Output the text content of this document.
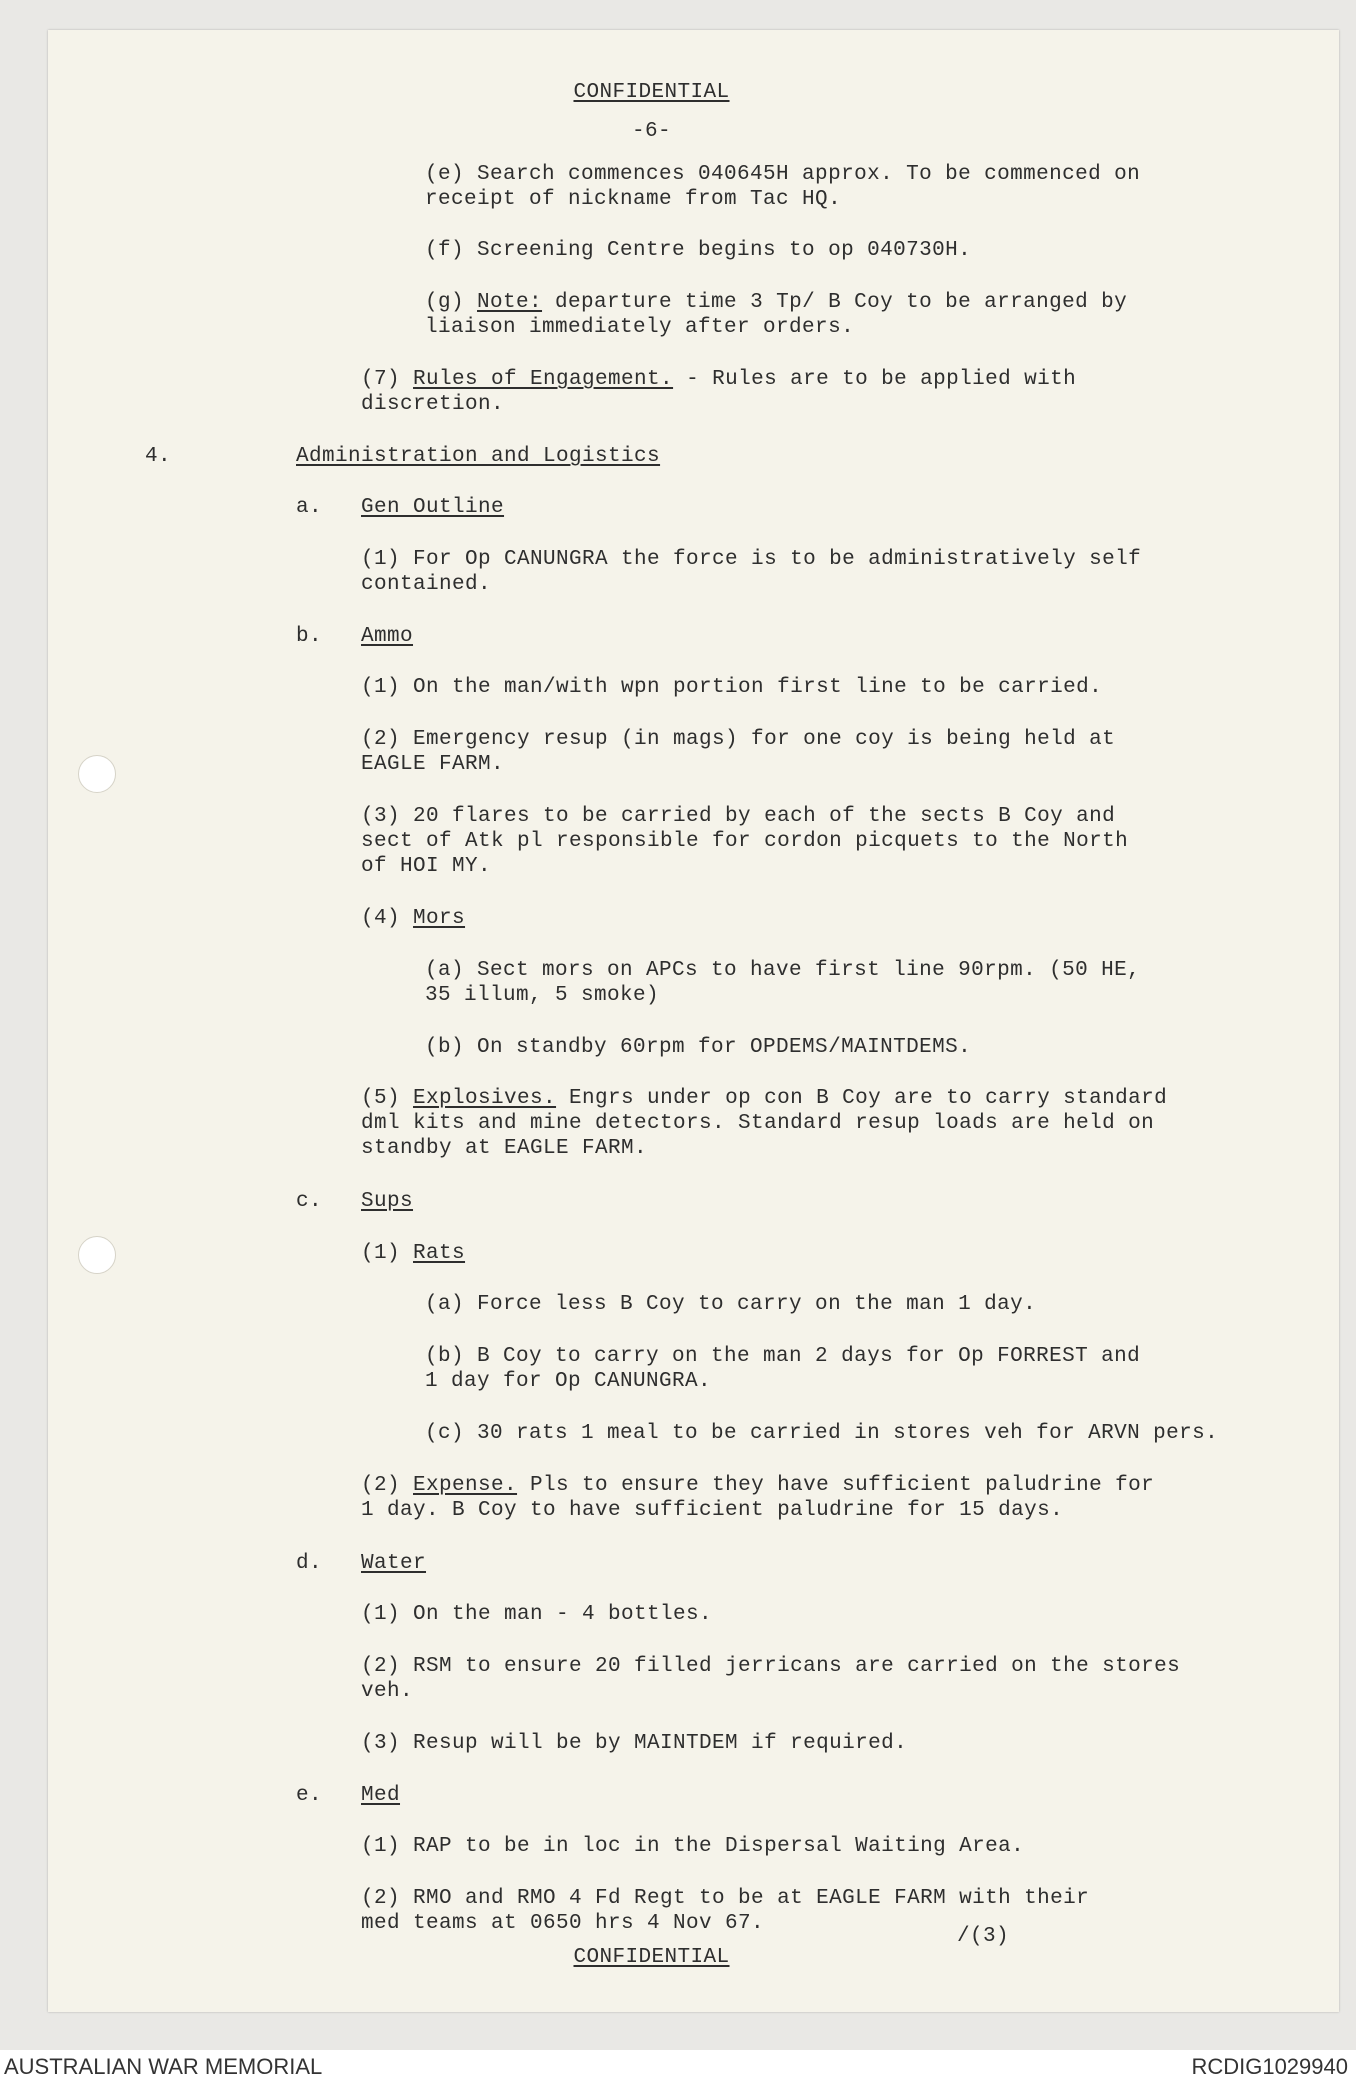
CONFIDENTIAL
-6-
(e) Search commences 040645H approx. To be commenced on
receipt of nickname from Tac HQ.
(f) Screening Centre begins to op 040730H.
(g) Note: departure time 3 Tp/ B Coy to be arranged by
liaison immediately after orders.
(7) Rules of Engagement. - Rules are to be applied with
discretion.
4.	Administration and Logistics
a. Gen Outline
(1) For Op CANUNGRA the force is to be administratively self
contained.
b. Ammo
(1) On the man/with wpn portion first line to be carried.
(2) Emergency resup (in mags) for one coy is being held at
EAGLE FARM.
(3) 20 flares to be carried by each of the sects B Coy and
sect of Atk pl responsible for cordon picquets to the North
of HOI MY.
(4) Mors
(a) Sect mors on APCs to have first line 90rpm. (50 HE,
35 illum, 5 smoke)
(b) On standby 60rpm for OPDEMS/MAINTDEMS.
(5) Explosives. Engrs under op con B Coy are to carry standard
dml kits and mine detectors. Standard resup loads are held on
standby at EAGLE FARM.
c. Sups
(1) Rats
(a) Force less B Coy to carry on the man 1 day.
(b) B Coy to carry on the man 2 days for Op FORREST and
1 day for Op CANUNGRA.
(c) 30 rats 1 meal to be carried in stores veh for ARVN pers.
(2) Expense. Pls to ensure they have sufficient paludrine for
1 day. B Coy to have sufficient paludrine for 15 days.
d. Water
(1) On the man - 4 bottles.
(2) RSM to ensure 20 filled jerricans are carried on the stores
veh.
(3) Resup will be by MAINTDEM if required.
e. Med
(1) RAP to be in loc in the Dispersal Waiting Area.
(2) RMO and RMO 4 Fd Regt to be at EAGLE FARM with their
med teams at 0650 hrs 4 Nov 67.
/(3)
CONFIDENTIAL
AUSTRALIAN WAR MEMORIAL	RCDIG1029940
